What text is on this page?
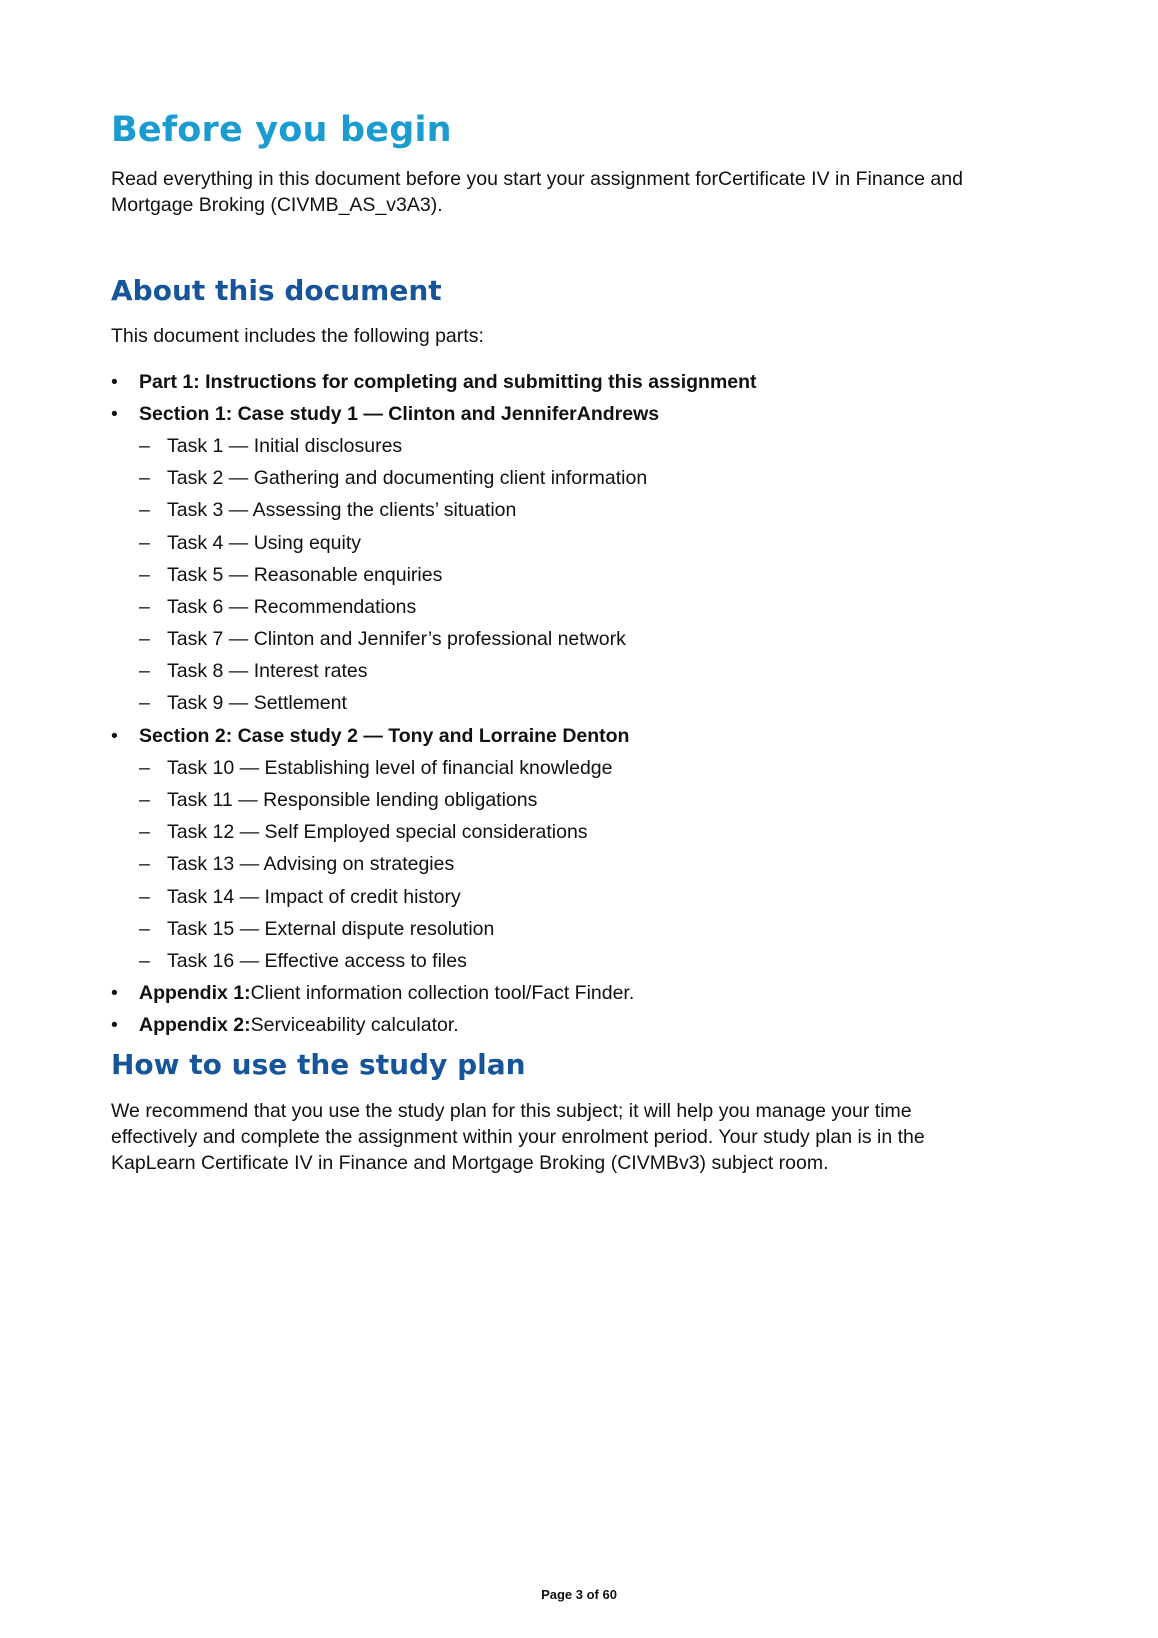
Before you begin

Read everything in this document before you start your assignment forCertificate IV in Finance and Mortgage Broking (CIVMB_AS_v3A3).

About this document

This document includes the following parts:

•	Part 1: Instructions for completing and submitting this assignment
•	Section 1: Case study 1 — Clinton and JenniferAndrews
– Task 1 — Initial disclosures
– Task 2 — Gathering and documenting client information
– Task 3 — Assessing the clients’ situation
– Task 4 — Using equity
– Task 5 — Reasonable enquiries
– Task 6 — Recommendations
– Task 7 — Clinton and Jennifer’s professional network
– Task 8 — Interest rates
– Task 9 — Settlement
•	Section 2: Case study 2 — Tony and Lorraine Denton
– Task 10 — Establishing level of financial knowledge
– Task 11 — Responsible lending obligations
– Task 12 — Self Employed special considerations
– Task 13 — Advising on strategies
– Task 14 — Impact of credit history
– Task 15 — External dispute resolution
– Task 16 — Effective access to files
•	Appendix 1:Client information collection tool/Fact Finder.
•	Appendix 2:Serviceability calculator.
How to use the study plan

We recommend that you use the study plan for this subject; it will help you manage your time effectively and complete the assignment within your enrolment period. Your study plan is in the KapLearn Certificate IV in Finance and Mortgage Broking (CIVMBv3) subject room.

Page 3 of 60
